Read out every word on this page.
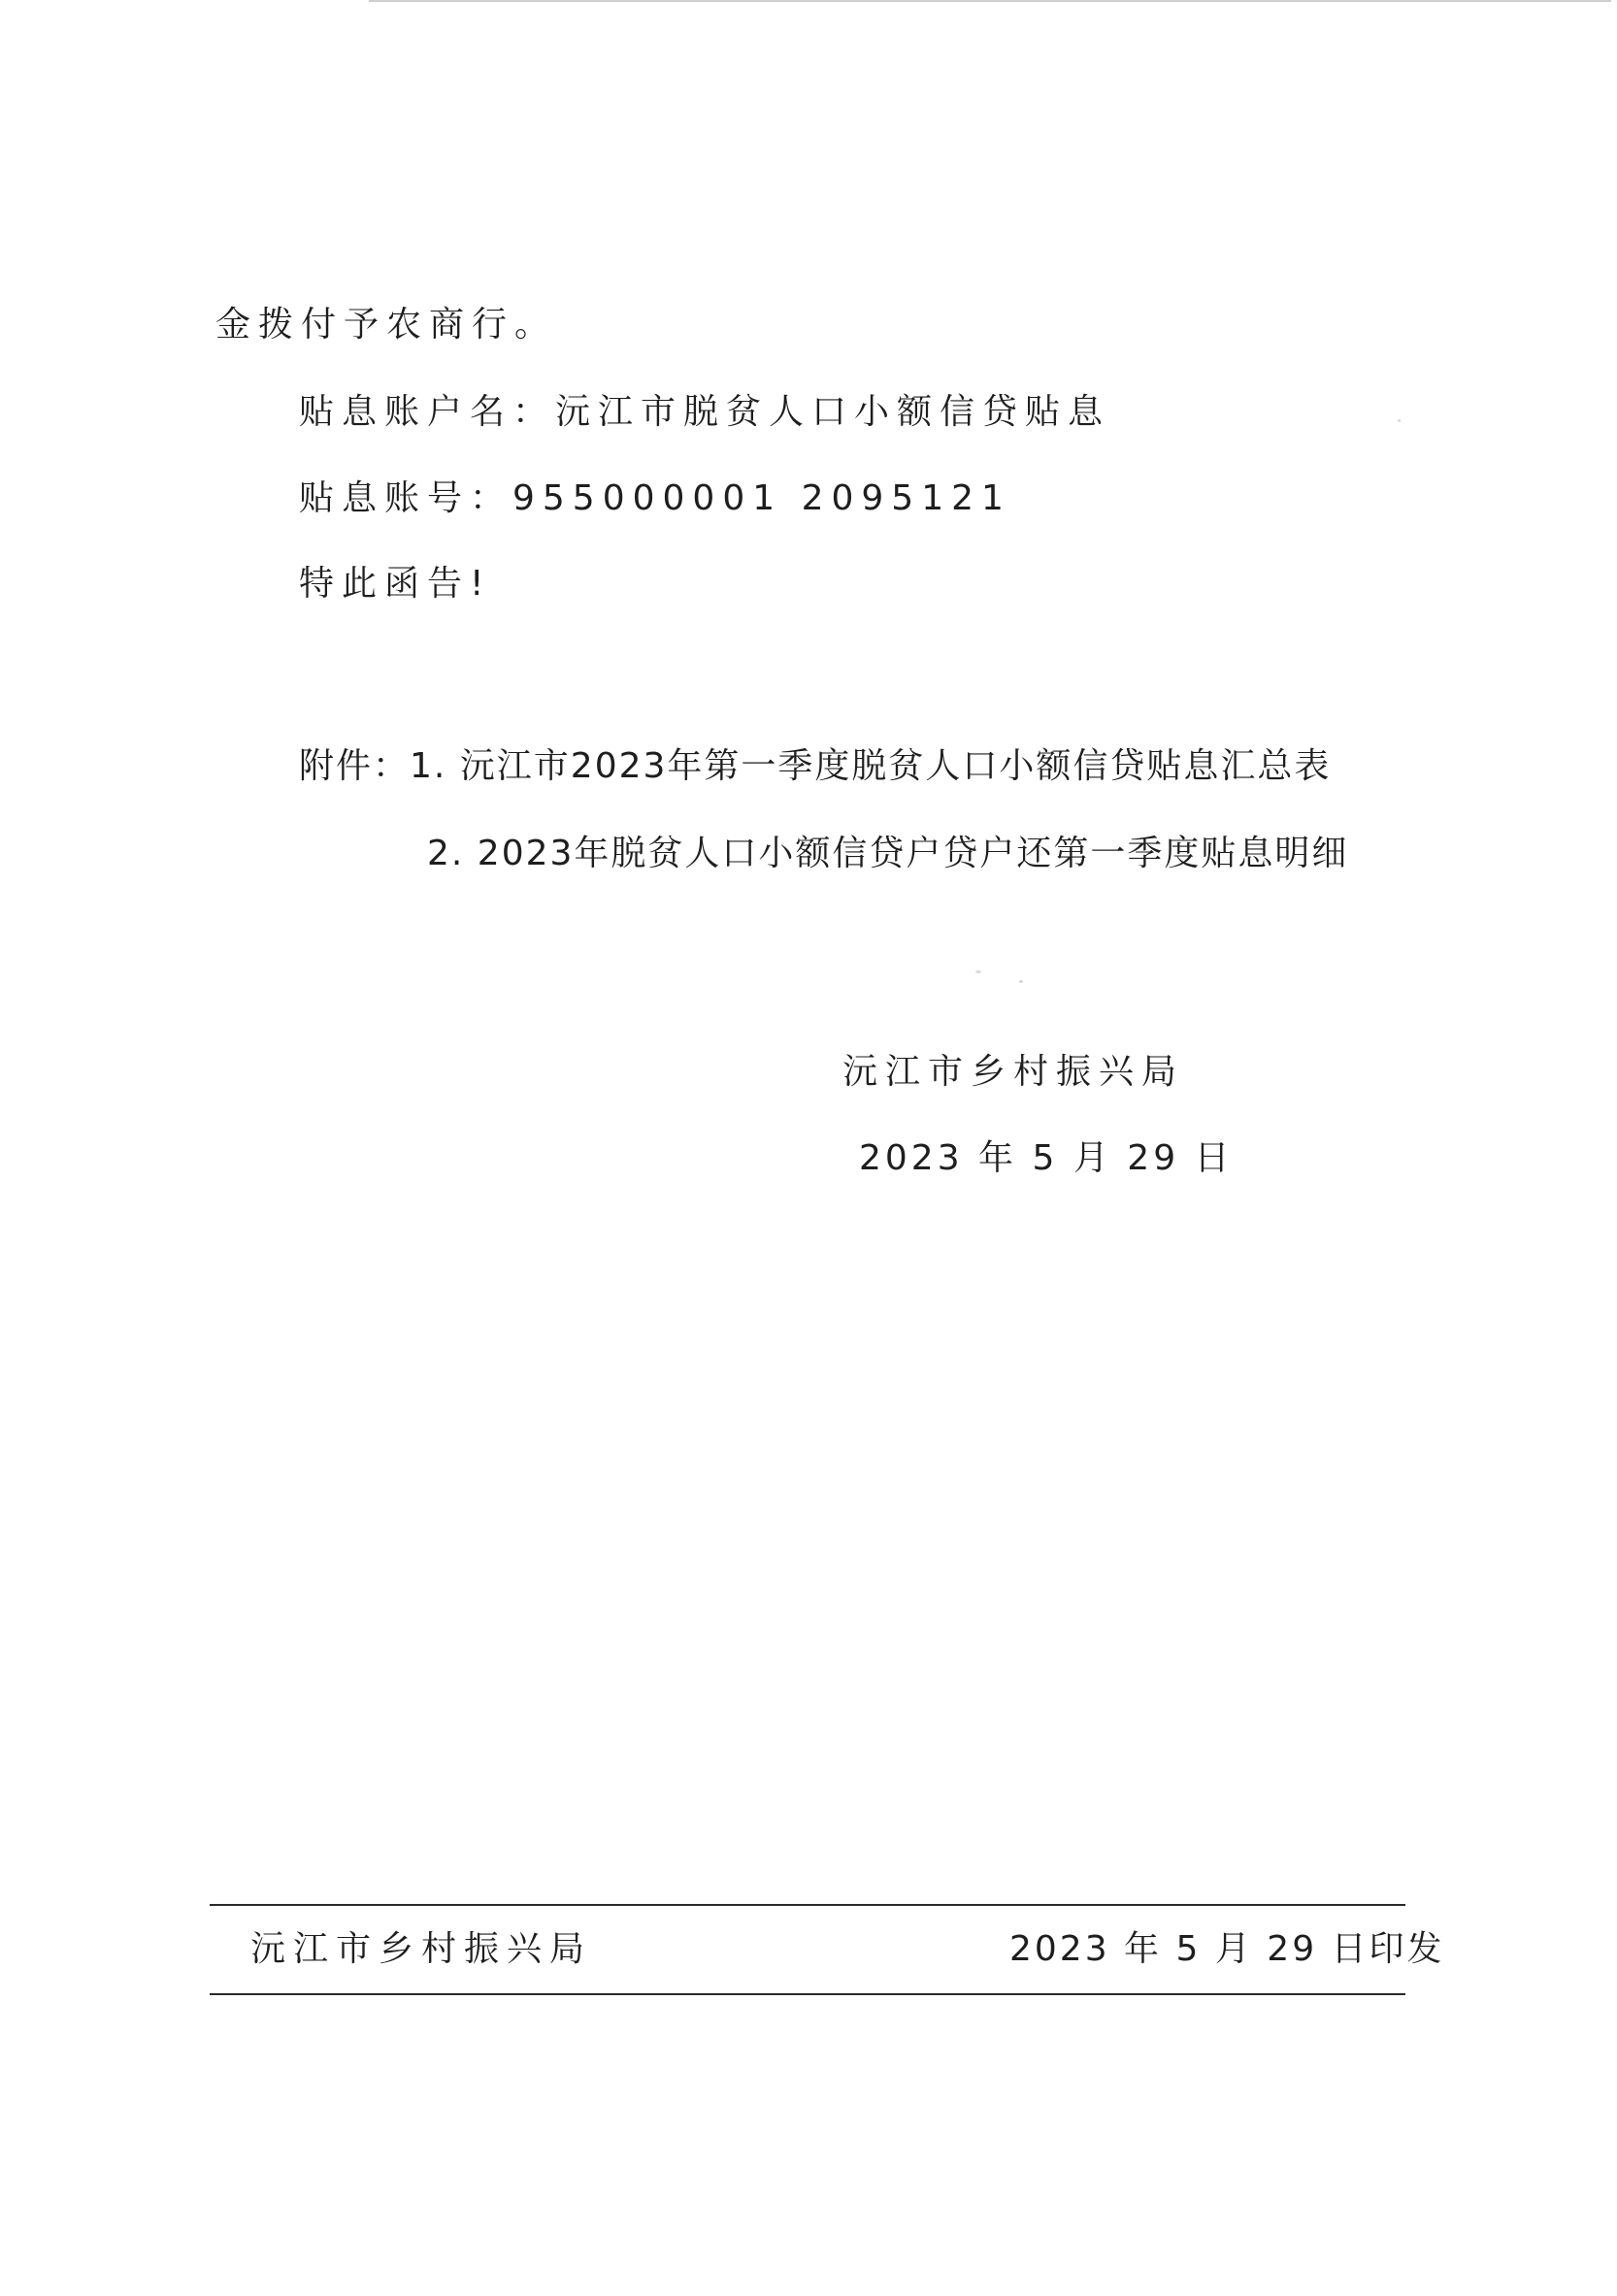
金拨付予农商行。
贴息账户名：沅江市脱贫人口小额信贷贴息
贴息账号：955000001 2095121
特此函告!
附件：1. 沅江市2023年第一季度脱贫人口小额信贷贴息汇总表
2. 2023年脱贫人口小额信贷户贷户还第一季度贴息明细
沅江市乡村振兴局
2023 年 5 月 29 日
沅江市乡村振兴局	2023 年 5 月 29 日印发
